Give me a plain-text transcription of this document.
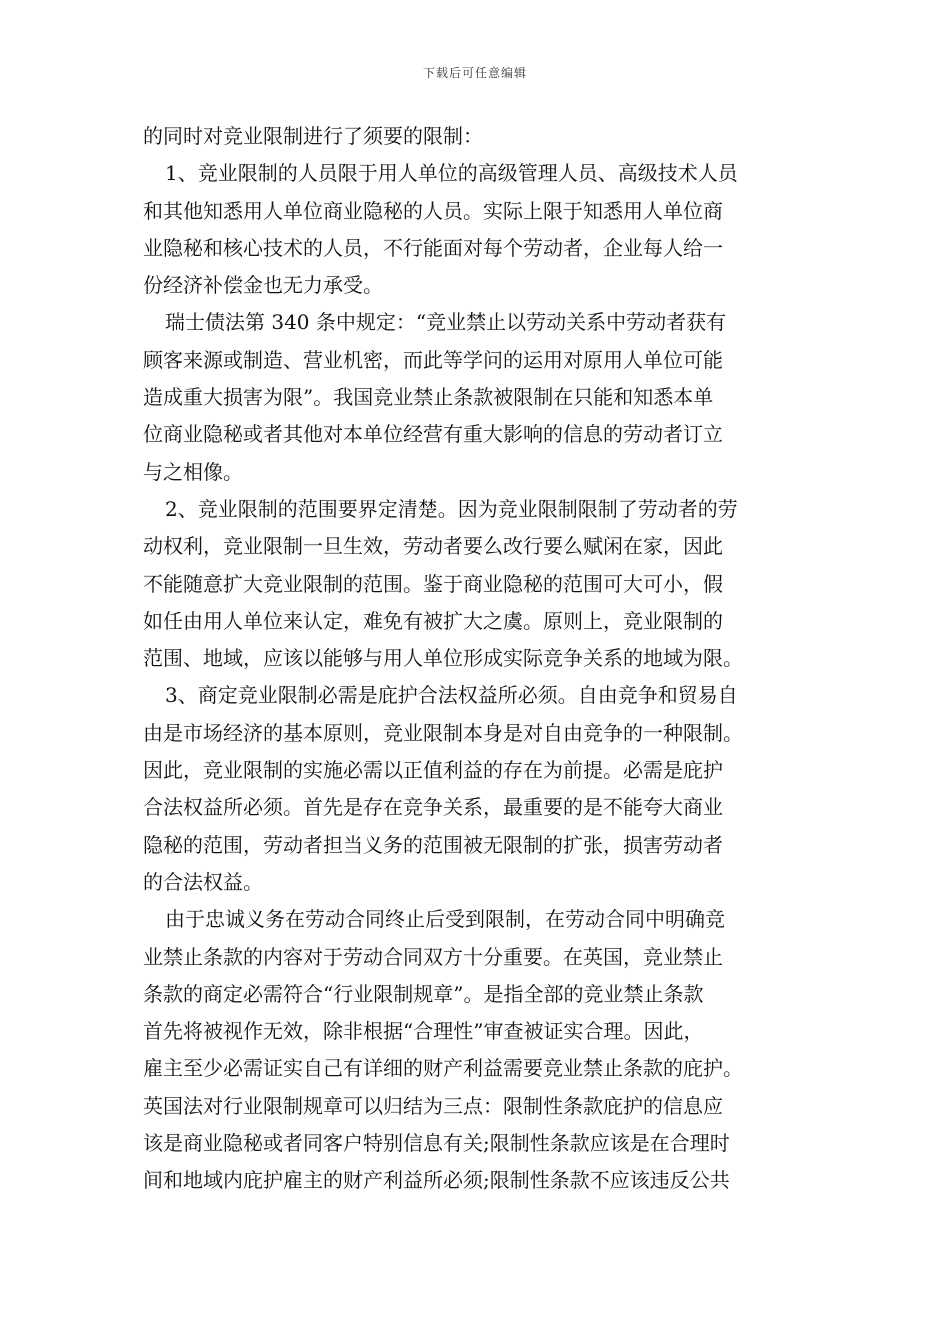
下载后可任意编辑
的同时对竞业限制进行了须要的限制：
1、竞业限制的人员限于用人单位的高级管理人员、高级技术人员
和其他知悉用人单位商业隐秘的人员。实际上限于知悉用人单位商
业隐秘和核心技术的人员，不行能面对每个劳动者，企业每人给一
份经济补偿金也无力承受。
瑞士债法第 340 条中规定：“竞业禁止以劳动关系中劳动者获有
顾客来源或制造、营业机密，而此等学问的运用对原用人单位可能
造成重大损害为限”。我国竞业禁止条款被限制在只能和知悉本单
位商业隐秘或者其他对本单位经营有重大影响的信息的劳动者订立
与之相像。
2、竞业限制的范围要界定清楚。因为竞业限制限制了劳动者的劳
动权利，竞业限制一旦生效，劳动者要么改行要么赋闲在家，因此
不能随意扩大竞业限制的范围。鉴于商业隐秘的范围可大可小，假
如任由用人单位来认定，难免有被扩大之虞。原则上，竞业限制的
范围、地域，应该以能够与用人单位形成实际竞争关系的地域为限。
3、商定竞业限制必需是庇护合法权益所必须。自由竞争和贸易自
由是市场经济的基本原则，竞业限制本身是对自由竞争的一种限制。
因此，竞业限制的实施必需以正值利益的存在为前提。必需是庇护
合法权益所必须。首先是存在竞争关系，最重要的是不能夸大商业
隐秘的范围，劳动者担当义务的范围被无限制的扩张，损害劳动者
的合法权益。
由于忠诚义务在劳动合同终止后受到限制，在劳动合同中明确竞
业禁止条款的内容对于劳动合同双方十分重要。在英国，竞业禁止
条款的商定必需符合“行业限制规章”。是指全部的竞业禁止条款
首先将被视作无效，除非根据“合理性”审查被证实合理。因此，
雇主至少必需证实自己有详细的财产利益需要竞业禁止条款的庇护。
英国法对行业限制规章可以归结为三点：限制性条款庇护的信息应
该是商业隐秘或者同客户特别信息有关;限制性条款应该是在合理时
间和地域内庇护雇主的财产利益所必须;限制性条款不应该违反公共
